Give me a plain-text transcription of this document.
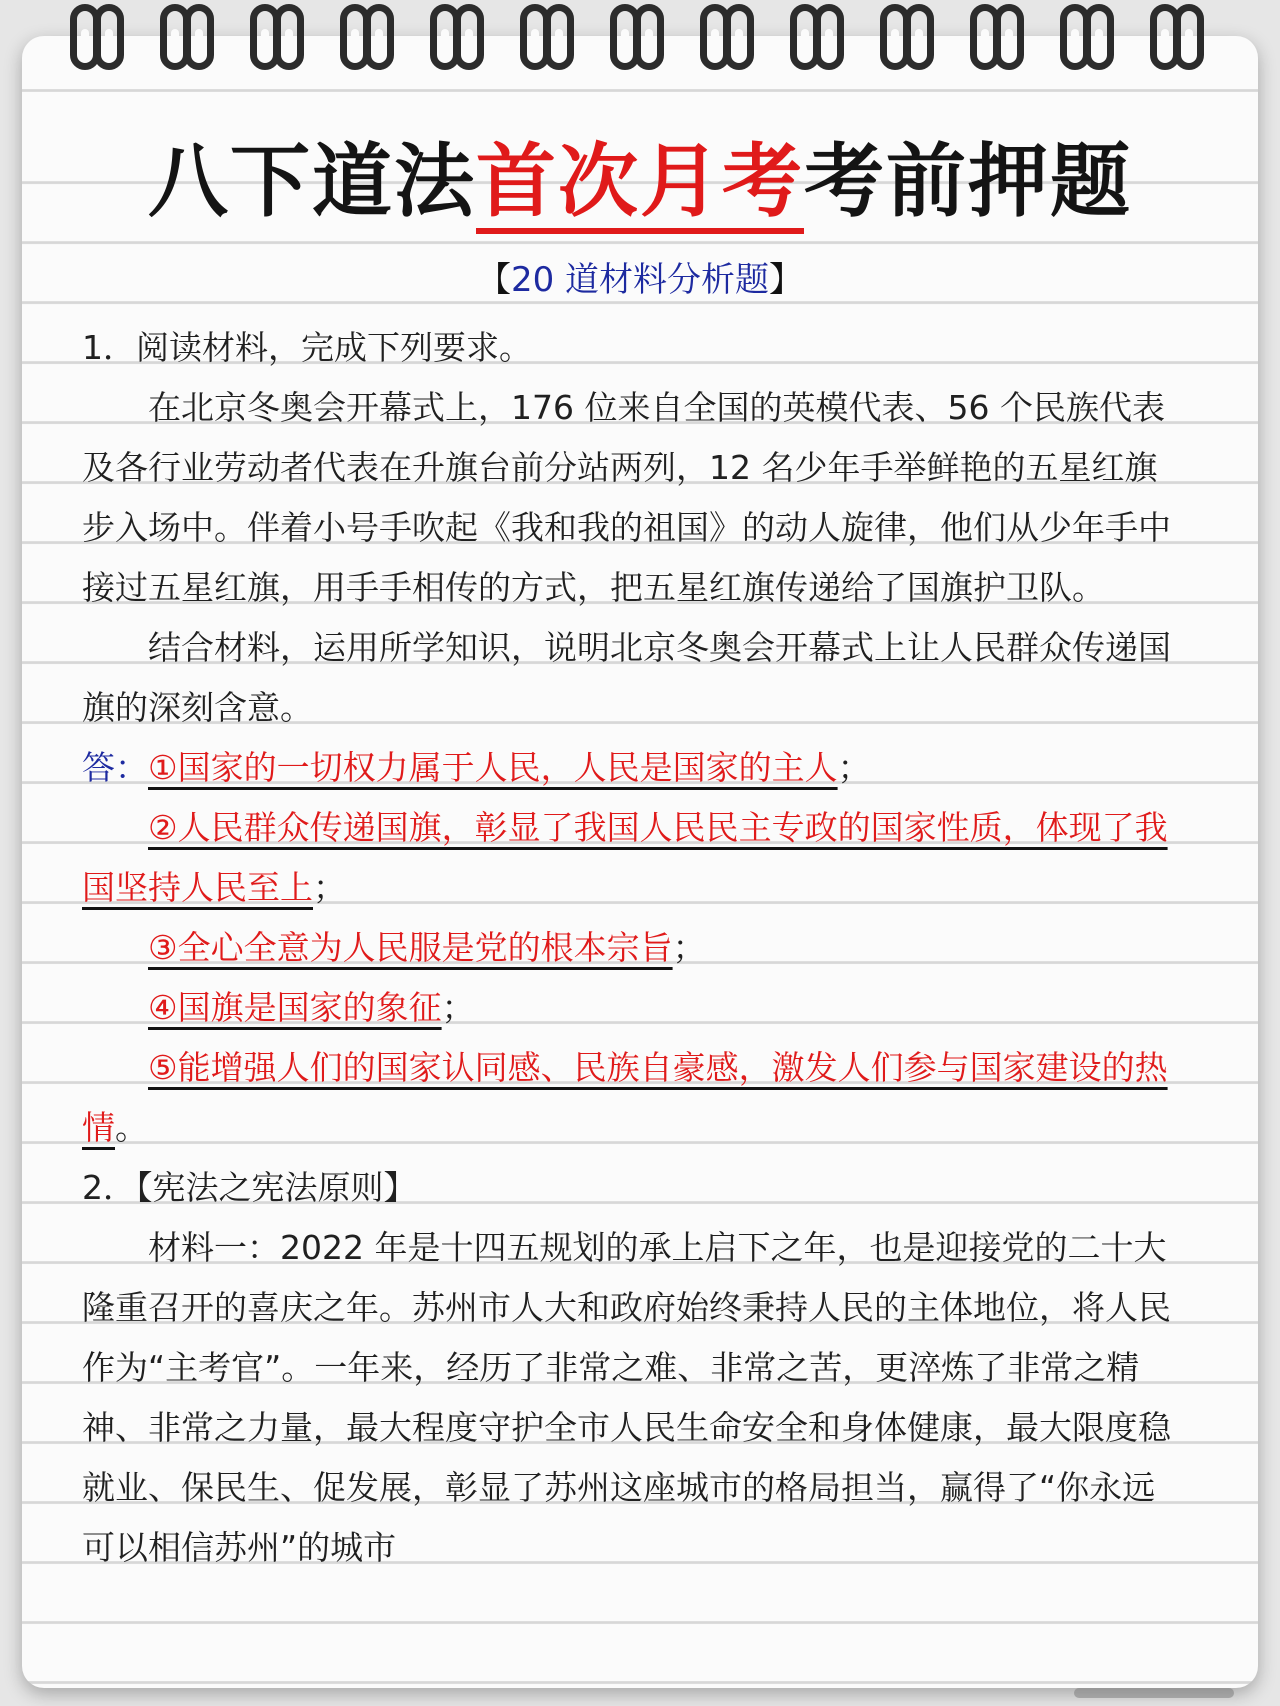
八下道法首次月考考前押题
【20 道材料分析题】

1．阅读材料，完成下列要求。

在北京冬奥会开幕式上，176 位来自全国的英模代表、56 个民族代表及各行业劳动者代表在升旗台前分站两列，12 名少年手举鲜艳的五星红旗步入场中。伴着小号手吹起《我和我的祖国》的动人旋律，他们从少年手中接过五星红旗，用手手相传的方式，把五星红旗传递给了国旗护卫队。

结合材料，运用所学知识，说明北京冬奥会开幕式上让人民群众传递国旗的深刻含意。

答：①国家的一切权力属于人民，人民是国家的主人；

②人民群众传递国旗，彰显了我国人民民主专政的国家性质，体现了我国坚持人民至上；

③全心全意为人民服是党的根本宗旨；

④国旗是国家的象征；

⑤能增强人们的国家认同感、民族自豪感，激发人们参与国家建设的热情。

2．【宪法之宪法原则】

材料一：2022 年是十四五规划的承上启下之年，也是迎接党的二十大隆重召开的喜庆之年。苏州市人大和政府始终秉持人民的主体地位，将人民作为“主考官”。一年来，经历了非常之难、非常之苦，更淬炼了非常之精神、非常之力量，最大程度守护全市人民生命安全和身体健康，最大限度稳就业、保民生、促发展，彰显了苏州这座城市的格局担当，赢得了“你永远可以相信苏州”的城市
